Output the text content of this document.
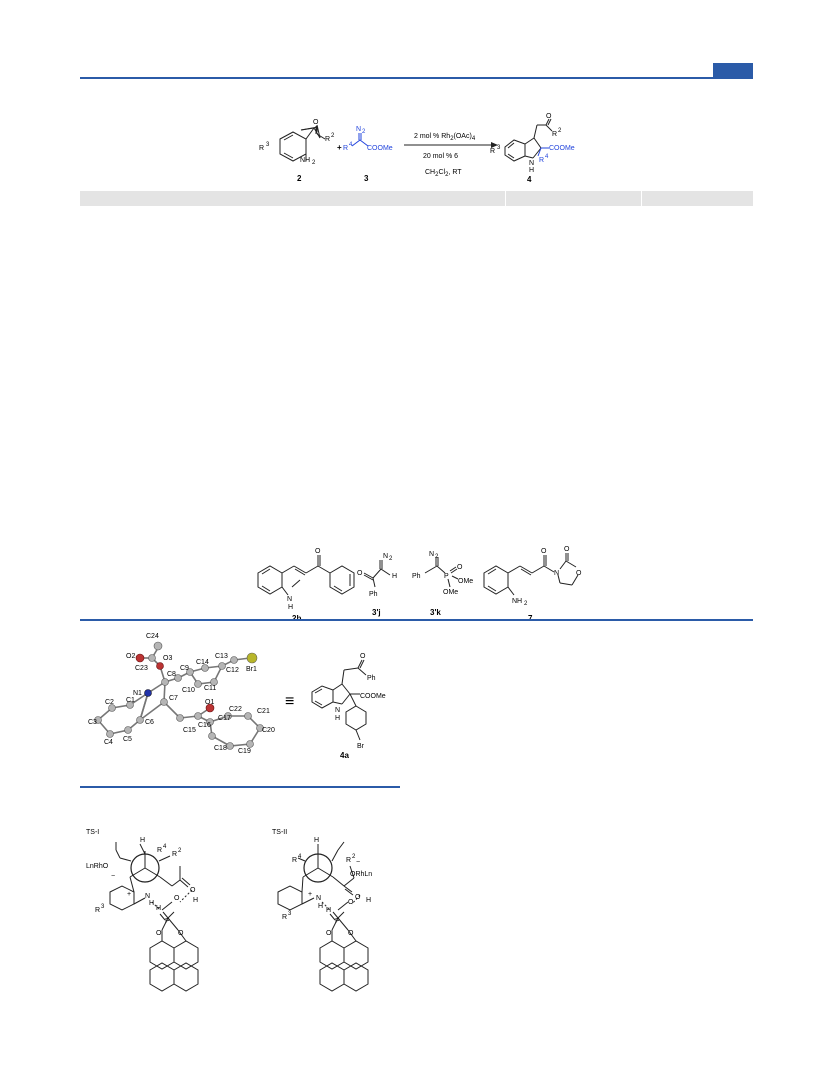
R 3
NH 2
O
R 2
2
+
N 2
R 4 COOMe
3
2 mol % Rh2(OAc)4
20 mol % 6
CH2Cl2, RT
O
R 2
R 3	COOMe
N
H
R 4
4
O
N
H
N 2
O	H
Ph
3'j
N 2
Ph	P
O
OMe
OMe
3'k
O	O
N O
NH 2
C24
O2	O3
C23
C14
C13
C9	C12 Br1
C8
C10 C11
N1
C1
C2
C7
C3	C6
O1
C22 C21
C17
C16
C15
C5
C4
C20
C18 C19
≡
O
Ph
COOMe
N
H
Br
4a
TS-I
H
R 4
R 2
LnRhO
−
+ N
H
R 3
O
O H
H
P
O O
TS-II
H
R 4	R 2
−
ORhLn
+
N
H
R 3
O
O H
H
P
O O
